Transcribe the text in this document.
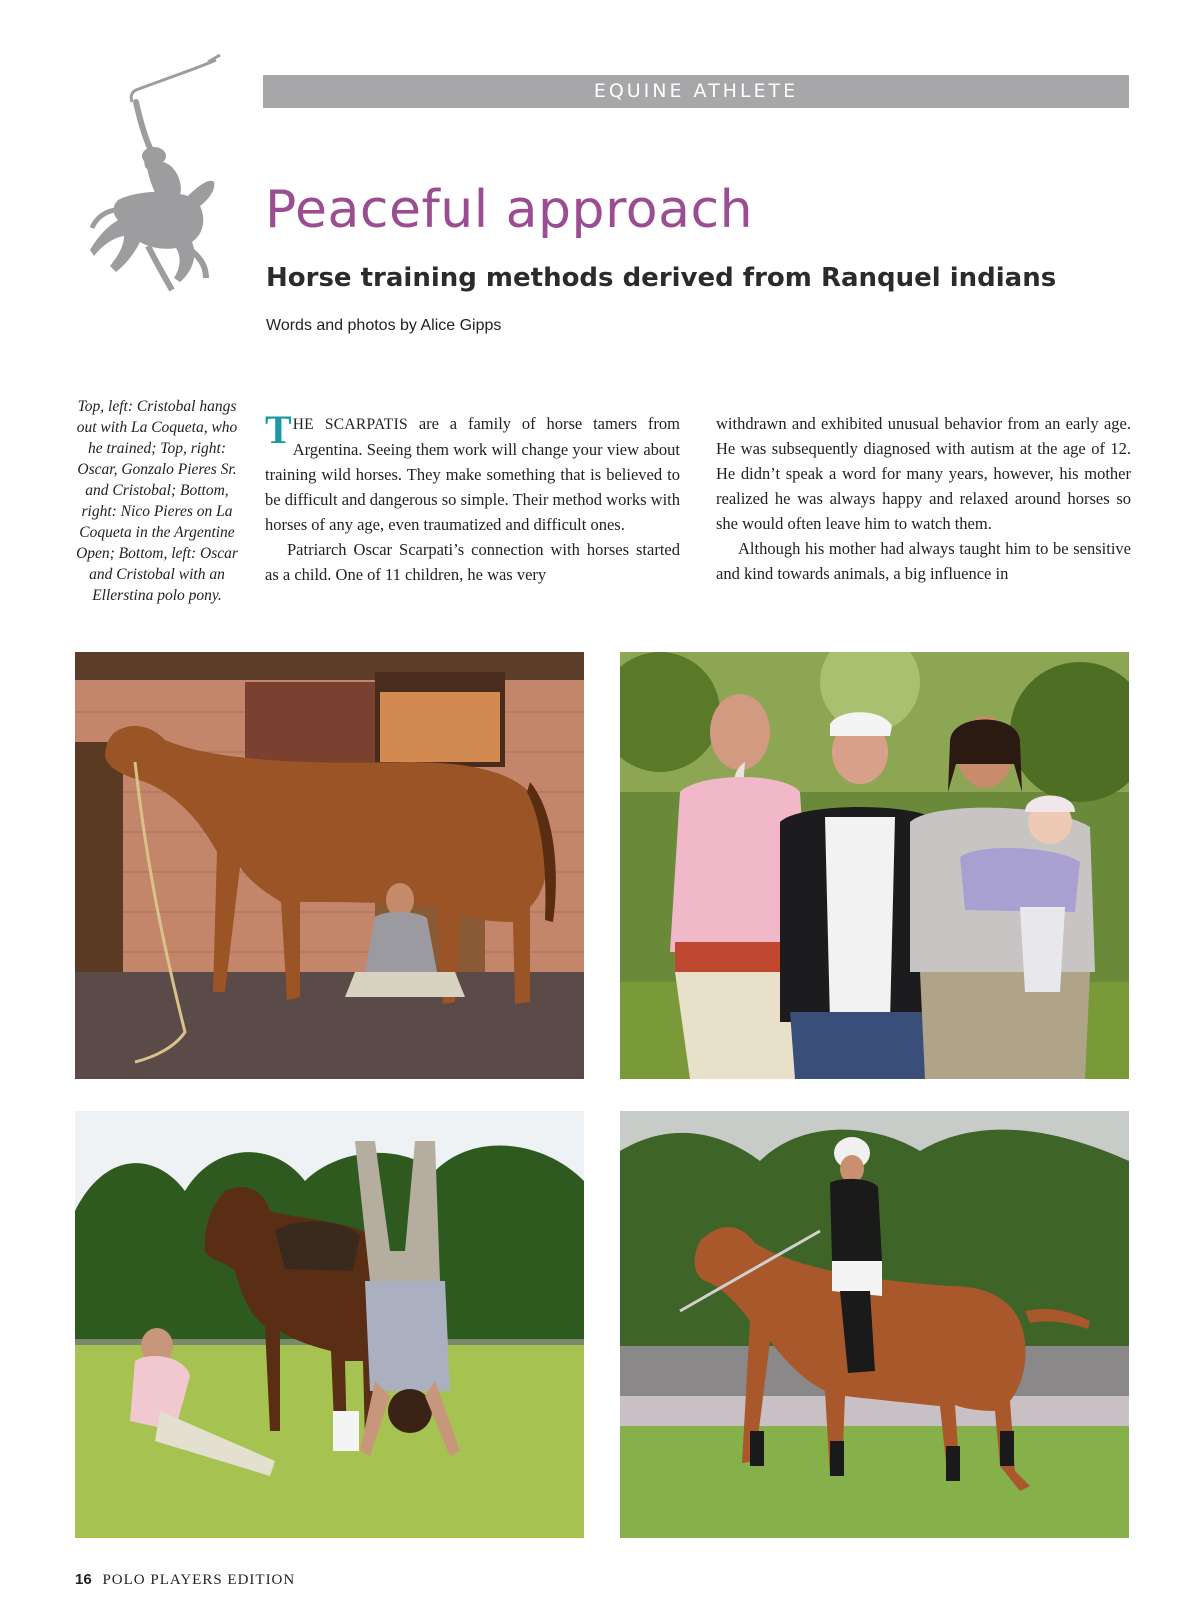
EQUINE ATHLETE
Peaceful approach
Horse training methods derived from Ranquel indians
Words and photos by Alice Gipps
Top, left: Cristobal hangs out with La Coqueta, who he trained; Top, right: Oscar, Gonzalo Pieres Sr. and Cristobal; Bottom, right: Nico Pieres on La Coqueta in the Argentine Open; Bottom, left: Oscar and Cristobal with an Ellerstina polo pony.

THE SCARPATIS are a family of horse tamers from Argentina. Seeing them work will change your view about training wild horses. They make something that is believed to be difficult and dangerous so simple. Their method works with horses of any age, even traumatized and difficult ones.

Patriarch Oscar Scarpati’s connection with horses started as a child. One of 11 children, he was very

withdrawn and exhibited unusual behavior from an early age. He was subsequently diagnosed with autism at the age of 12. He didn’t speak a word for many years, however, his mother realized he was always happy and relaxed around horses so she would often leave him to watch them.

Although his mother had always taught him to be sensitive and kind towards animals, a big influence in

16 POLO PLAYERS EDITION
